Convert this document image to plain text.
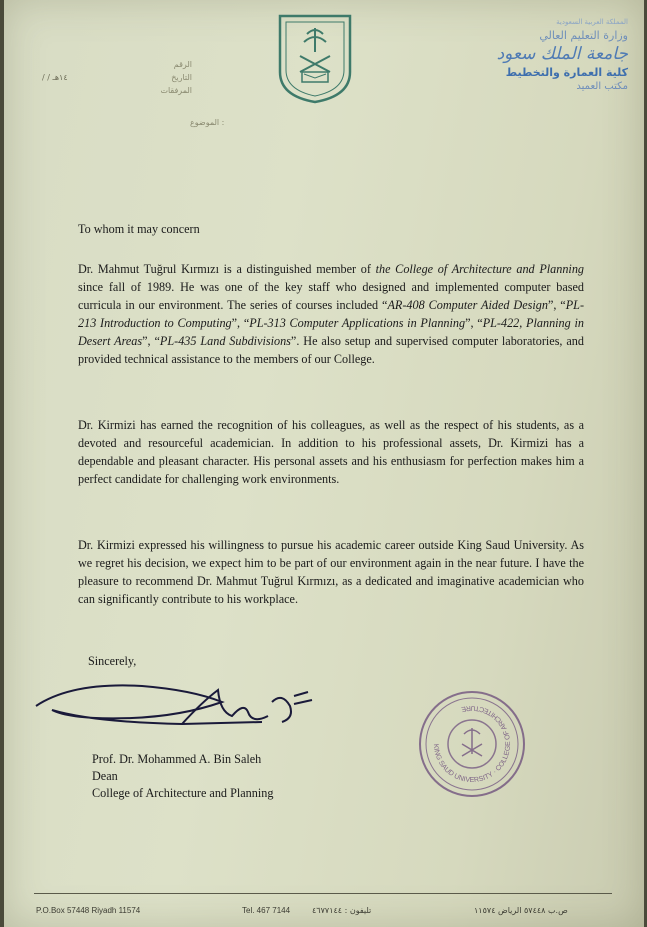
الرقم
/ / ١٤هـ	التاريخ
المرفقات
الموضوع :
المملكة العربية السعودية
وزارة التعليم العالي
جامعة الملك سعود
كلية العمارة والتخطيط
مكتب العميد
To whom it may concern
Dr. Mahmut Tuğrul Kırmızı is a distinguished member of the College of Architecture and Planning since fall of 1989. He was one of the key staff who designed and implemented computer based curricula in our environment. The series of courses included “AR-408 Computer Aided Design”, “PL-213 Introduction to Computing”, “PL-313 Computer Applications in Planning”, “PL-422, Planning in Desert Areas”, “PL-435 Land Subdivisions”. He also setup and supervised computer laboratories, and provided technical assistance to the members of our College.
Dr. Kirmizi has earned the recognition of his colleagues, as well as the respect of his students, as a devoted and resourceful academician. In addition to his professional assets, Dr. Kirmizi has a dependable and pleasant character. His personal assets and his enthusiasm for perfection makes him a perfect candidate for challenging work environments.
Dr. Kirmizi expressed his willingness to pursue his academic career outside King Saud University. As we regret his decision, we expect him to be part of our environment again in the near future. I have the pleasure to recommend Dr. Mahmut Tuğrul Kırmızı, as a dedicated and imaginative academician who can significantly contribute to his workplace.
Sincerely,
Prof. Dr. Mohammed A. Bin Saleh
Dean
College of Architecture and Planning
KING SAUD UNIVERSITY · COLLEGE OF ARCHITECTURE
P.O.Box 57448 Riyadh 11574	Tel. 467 7144	تليفون : ٤٦٧٧١٤٤	ص.ب ٥٧٤٤٨ الرياض ١١٥٧٤
